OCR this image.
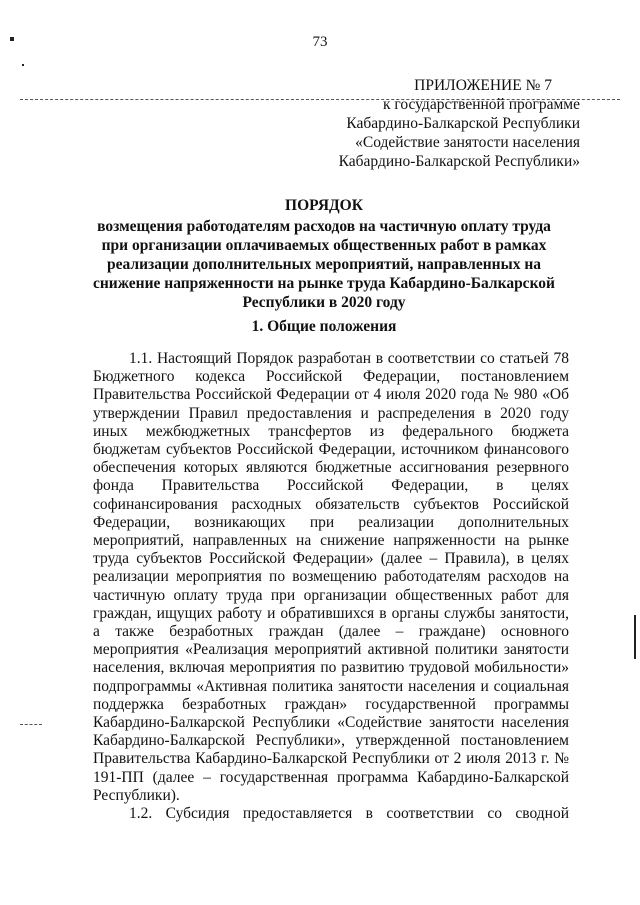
73
ПРИЛОЖЕНИЕ № 7
к государственной программе
Кабардино-Балкарской Республики
«Содействие занятости населения
Кабардино-Балкарской Республики»
ПОРЯДОК
возмещения работодателям расходов на частичную оплату труда при организации оплачиваемых общественных работ в рамках реализации дополнительных мероприятий, направленных на снижение напряженности на рынке труда Кабардино-Балкарской Республики в 2020 году
1. Общие положения

1.1. Настоящий Порядок разработан в соответствии со статьей 78 Бюджетного кодекса Российской Федерации, постановлением Правительства Российской Федерации от 4 июля 2020 года № 980 «Об утверждении Правил предоставления и распределения в 2020 году иных межбюджетных трансфертов из федерального бюджета бюджетам субъектов Российской Федерации, источником финансового обеспечения которых являются бюджетные ассигнования резервного фонда Правительства Российской Федерации, в целях софинансирования расходных обязательств субъектов Российской Федерации, возникающих при реализации дополнительных мероприятий, направленных на снижение напряженности на рынке труда субъектов Российской Федерации» (далее – Правила), в целях реализации мероприятия по возмещению работодателям расходов на частичную оплату труда при организации общественных работ для граждан, ищущих работу и обратившихся в органы службы занятости, а также безработных граждан (далее – граждане) основного мероприятия «Реализация мероприятий активной политики занятости населения, включая мероприятия по развитию трудовой мобильности» подпрограммы «Активная политика занятости населения и социальная поддержка безработных граждан» государственной программы Кабардино-Балкарской Республики «Содействие занятости населения Кабардино-Балкарской Республики», утвержденной постановлением Правительства Кабардино-Балкарской Республики от 2 июля 2013 г. № 191-ПП (далее – государственная программа Кабардино-Балкарской Республики).

1.2. Субсидия предоставляется в соответствии со сводной
